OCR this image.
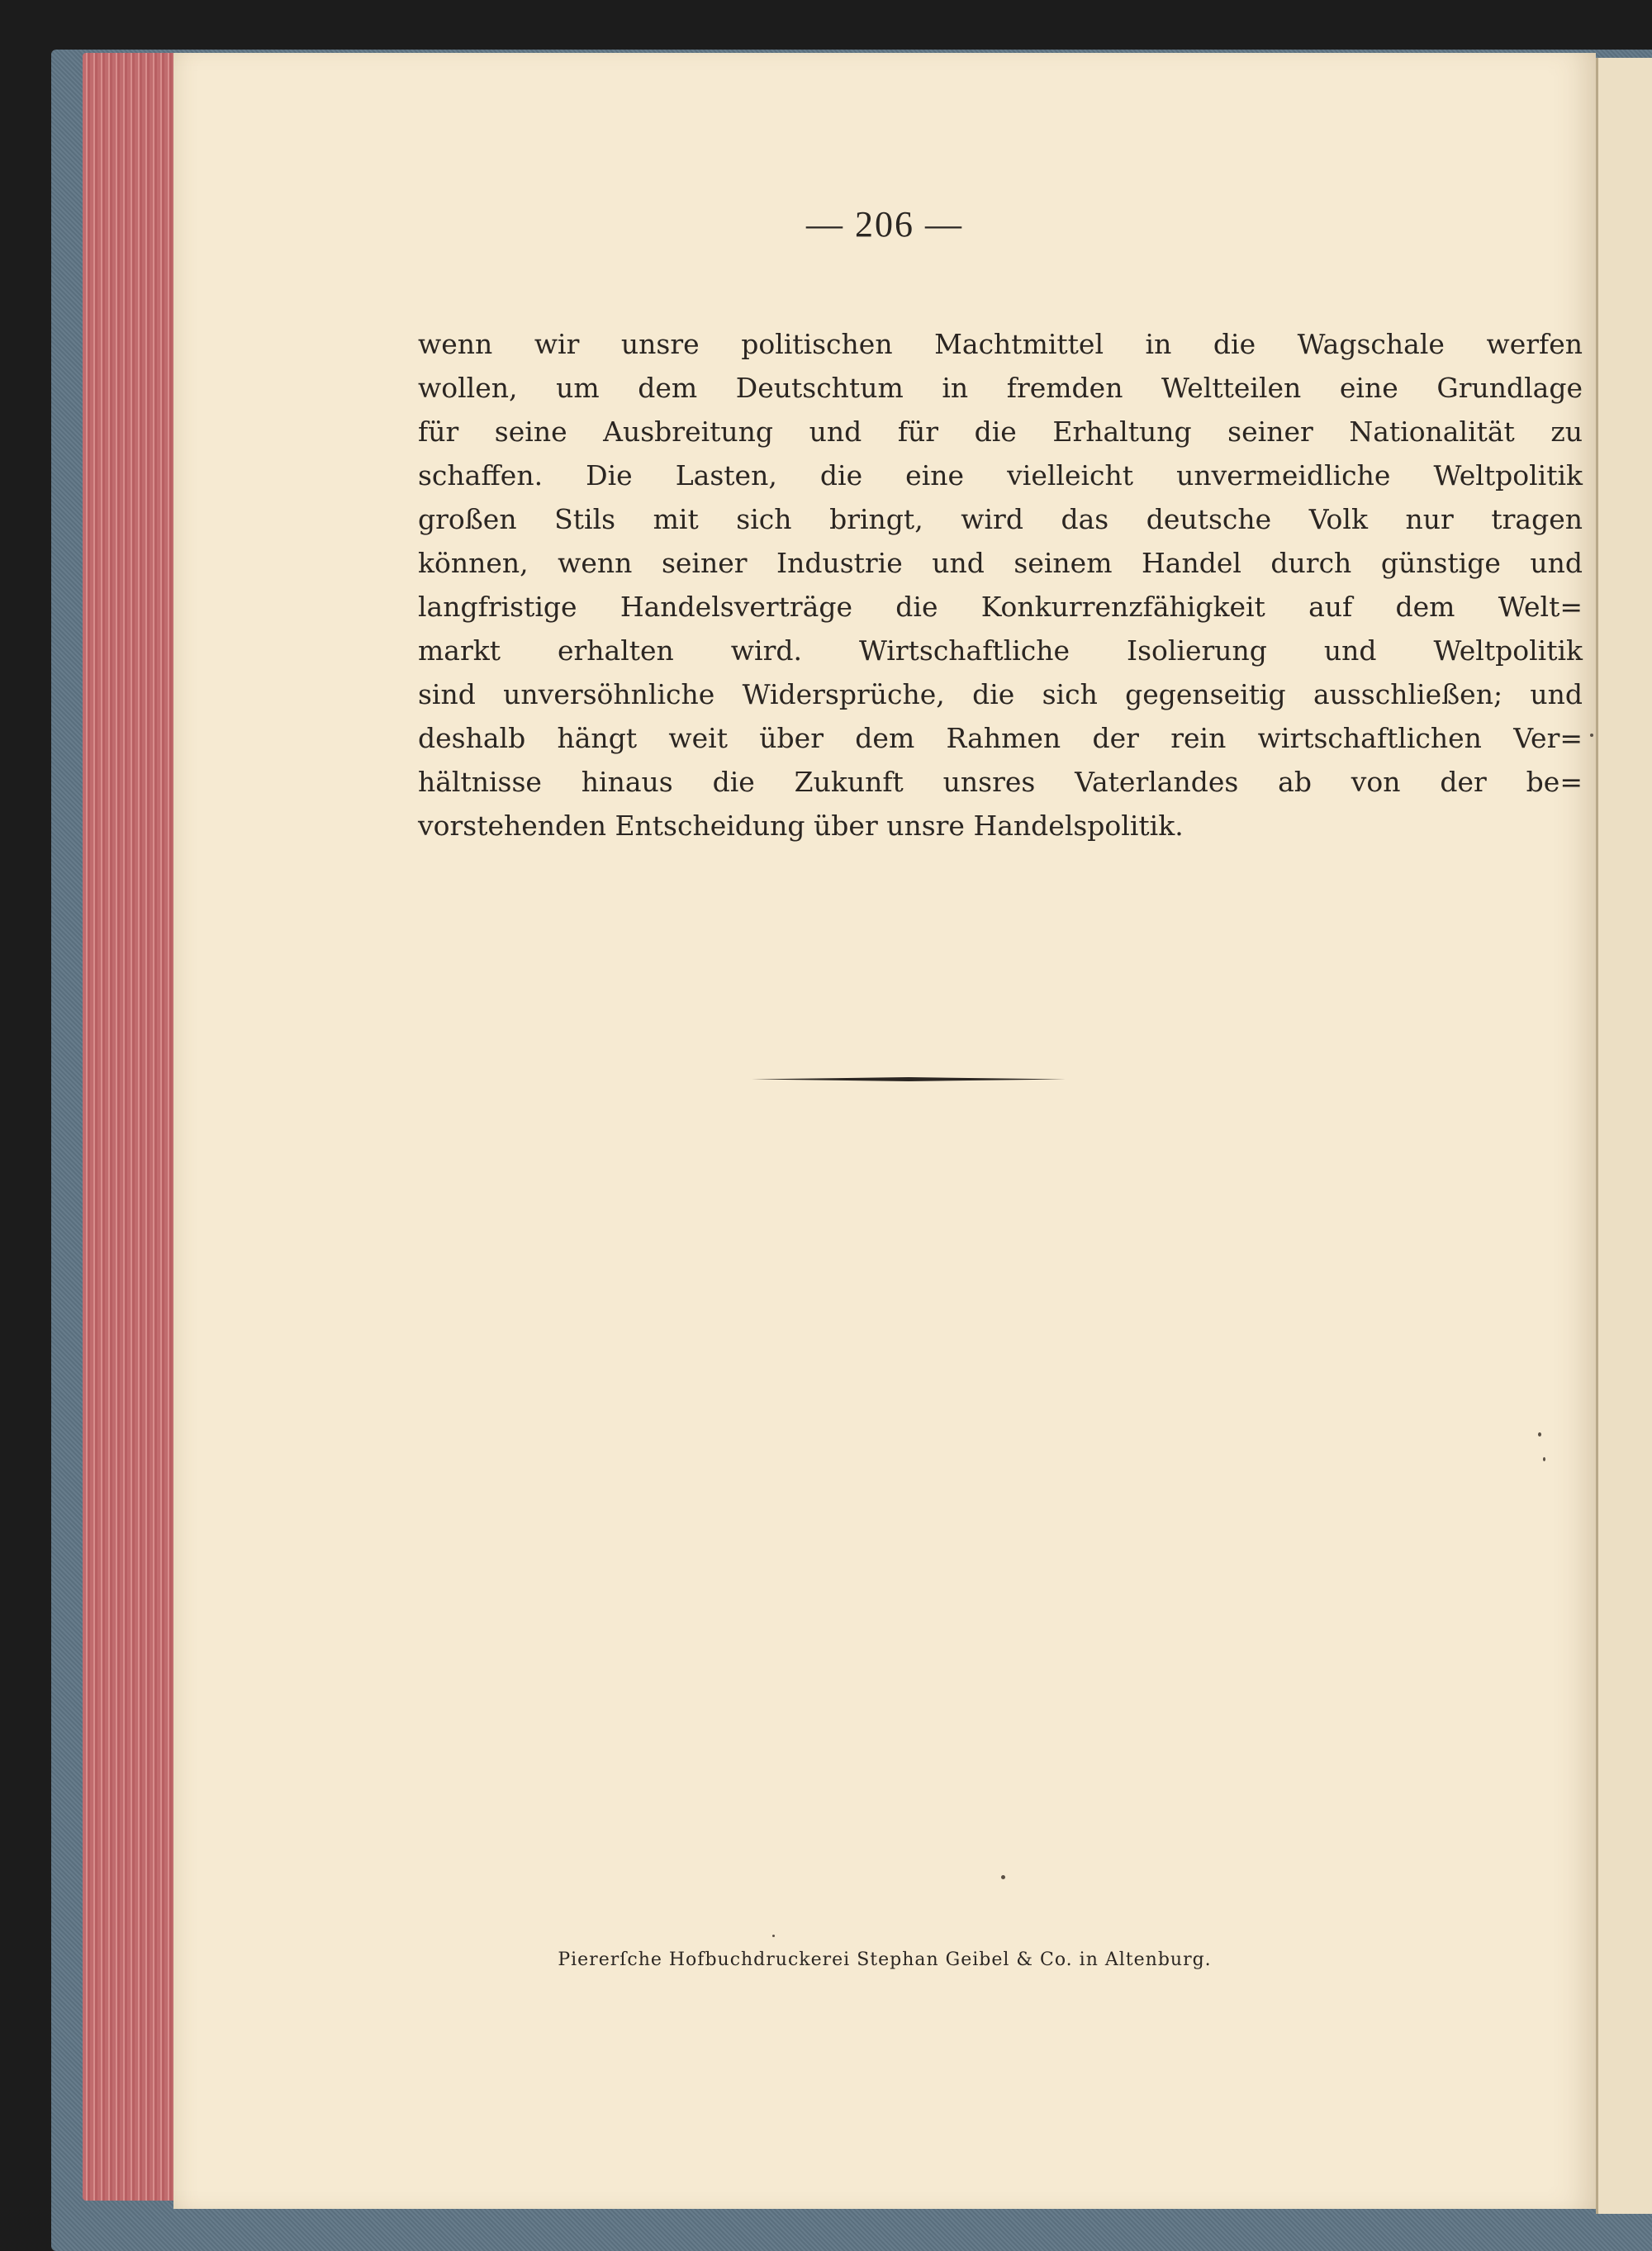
— 206 —
wenn wir unsre politischen Machtmittel in die Wagschale werfen
wollen, um dem Deutschtum in fremden Weltteilen eine Grundlage
für seine Ausbreitung und für die Erhaltung seiner Nationalität zu
schaffen. Die Lasten, die eine vielleicht unvermeidliche Weltpolitik
großen Stils mit sich bringt, wird das deutsche Volk nur tragen
können, wenn seiner Industrie und seinem Handel durch günstige und
langfristige Handelsverträge die Konkurrenzfähigkeit auf dem Welt=
markt erhalten wird. Wirtschaftliche Isolierung und Weltpolitik
sind unversöhnliche Widersprüche, die sich gegenseitig ausschließen; und
deshalb hängt weit über dem Rahmen der rein wirtschaftlichen Ver=
hältnisse hinaus die Zukunft unsres Vaterlandes ab von der be=
vorstehenden Entscheidung über unsre Handelspolitik.
Piererſche Hofbuchdruckerei Stephan Geibel & Co. in Altenburg.
